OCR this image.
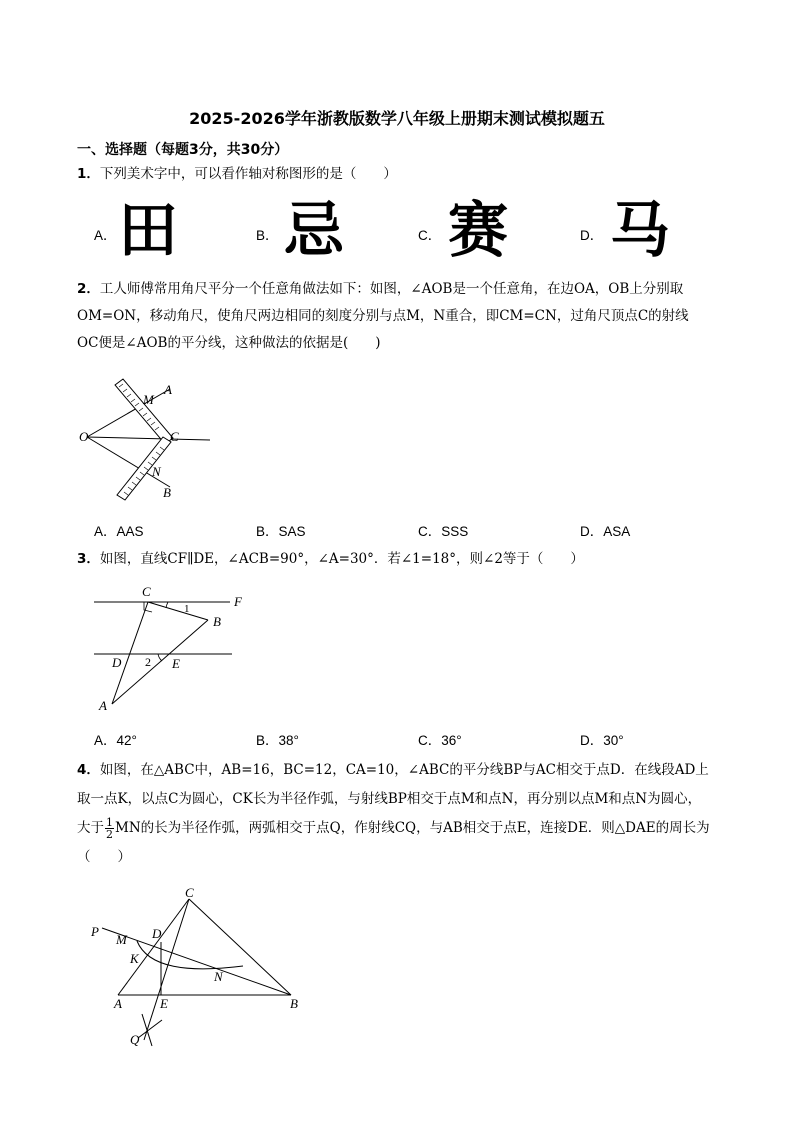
2025-2026学年浙教版数学八年级上册期末测试模拟题五
一、选择题（每题3分，共30分）
1．下列美术字中，可以看作轴对称图形的是（　　）
A． 田	B． 忌	C． 赛	D． 马
2．工人师傅常用角尺平分一个任意角做法如下：如图，∠AOB是一个任意角，在边OA，OB上分别取
OM=ON，移动角尺，使角尺两边相同的刻度分别与点M，N重合，即CM=CN，过角尺顶点C的射线
OC便是∠AOB的平分线，这种做法的依据是(　　)
O
A
M
C
N
B
A．AAS	B．SAS	C．SSS	D．ASA
3．如图，直线CF∥DE，∠ACB=90°，∠A=30°．若∠1=18°，则∠2等于（　　）
C
F
1
B
D 2 E
A
A．42°	B．38°	C．36°	D．30°
4．如图，在△ABC中，AB=16，BC=12，CA=10，∠ABC的平分线BP与AC相交于点D．在线段AD上
取一点K，以点C为圆心，CK长为半径作弧，与射线BP相交于点M和点N，再分别以点M和点N为圆心，
大于 $\frac{1}{2}$ MN的长为半径作弧，两弧相交于点Q，作射线CQ，与AB相交于点E，连接DE．则△DAE的周长为
（　　）
C
P
M D
K
N
A	E	B
Q
